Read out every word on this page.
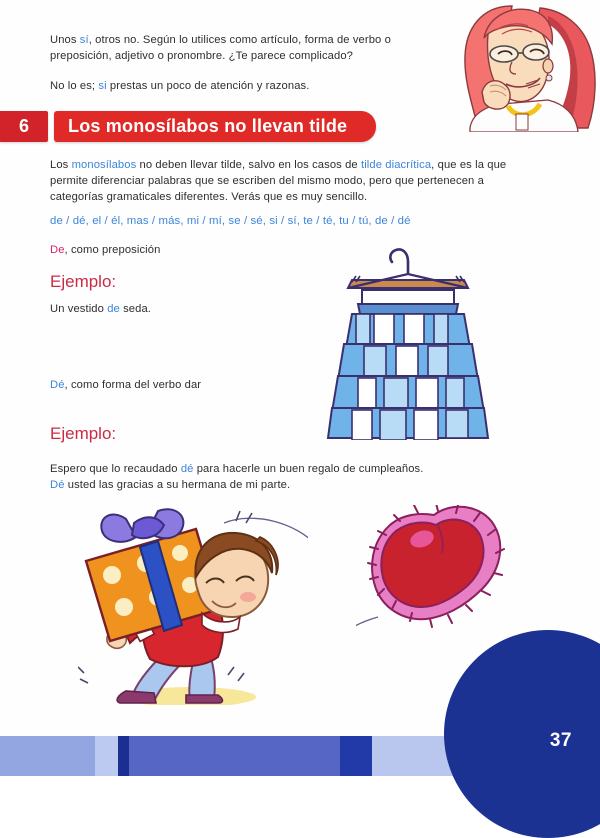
Unos sí, otros no. Según lo utilices como artículo, forma de verbo o preposición, adjetivo o pronombre. ¿Te parece complicado?
No lo es; si prestas un poco de atención y razonas.
6 Los monosílabos no llevan tilde
Los monosílabos no deben llevar tilde, salvo en los casos de tilde diacrítica, que es la que permite diferenciar palabras que se escriben del mismo modo, pero que pertenecen a categorías gramaticales diferentes. Verás que es muy sencillo.
de / dé, el / él, mas / más, mi / mí, se / sé, si / sí, te / té, tu / tú, de / dé
De, como preposición
Ejemplo:
Un vestido de seda.
Dé, como forma del verbo dar
Ejemplo:
Espero que lo recaudado dé para hacerle un buen regalo de cumpleaños.
Dé usted las gracias a su hermana de mi parte.
37
